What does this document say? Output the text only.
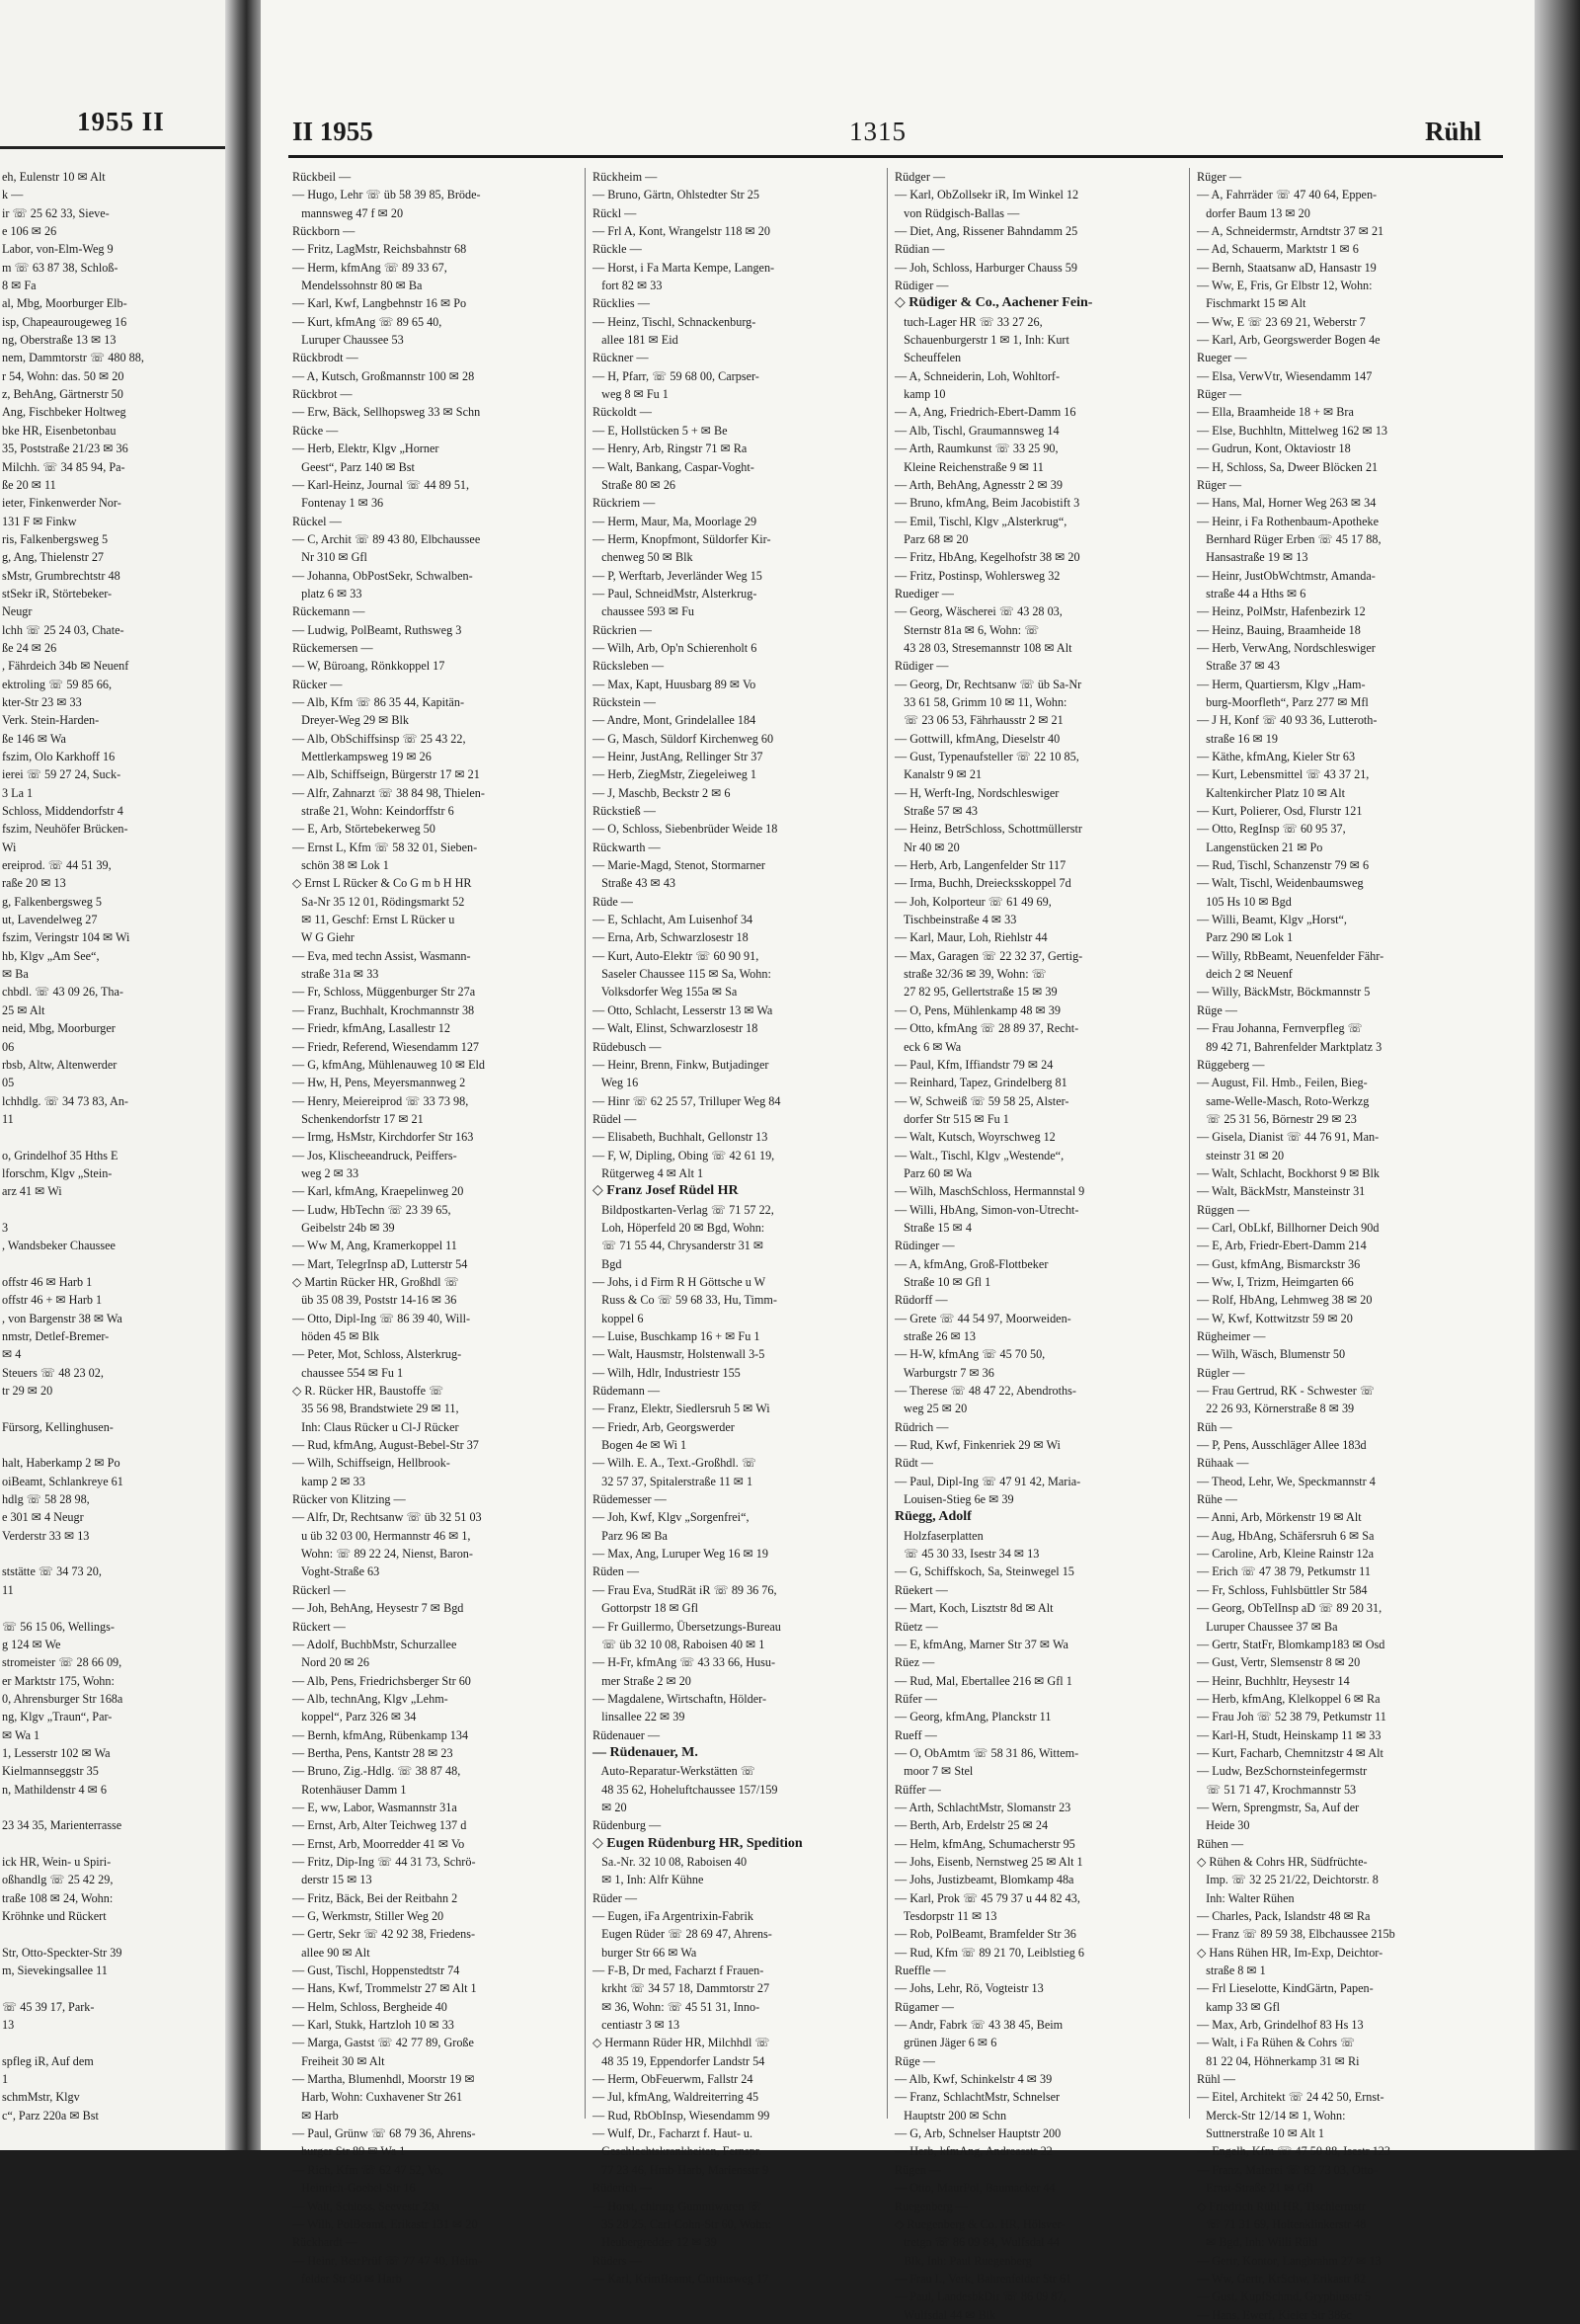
1955 II
eh, Eulenstr 10 ✉ Alt
k —
ir ☏ 25 62 33, Sieve-
e 106 ✉ 26
Labor, von-Elm-Weg 9
m ☏ 63 87 38, Schloß-
8 ✉ Fa
al, Mbg, Moorburger Elb-
isp, Chapeaurougeweg 16
ng, Oberstraße 13 ✉ 13
nem, Dammtorstr ☏ 480 88,
r 54, Wohn: das. 50 ✉ 20
z, BehAng, Gärtnerstr 50
Ang, Fischbeker Holtweg
bke HR, Eisenbetonbau
35, Poststraße 21/23 ✉ 36
Milchh. ☏ 34 85 94, Pa-
ße 20 ✉ 11
ieter, Finkenwerder Nor-
131 F ✉ Finkw
ris, Falkenbergsweg 5
g, Ang, Thielenstr 27
sMstr, Grumbrechtstr 48
stSekr iR, Störtebeker-
Neugr
lchh ☏ 25 24 03, Chate-
ße 24 ✉ 26
, Fährdeich 34b ✉ Neuenf
ektroling ☏ 59 85 66,
kter-Str 23 ✉ 33
Verk. Stein-Harden-
ße 146 ✉ Wa
fszim, Olo Karkhoff 16
ierei ☏ 59 27 24, Suck-
3 La 1
Schloss, Middendorfstr 4
fszim, Neuhöfer Brücken-
Wi
ereiprod. ☏ 44 51 39,
raße 20 ✉ 13
g, Falkenbergsweg 5
ut, Lavendelweg 27
fszim, Veringstr 104 ✉ Wi
hb, Klgv „Am See“,
✉ Ba
chbdl. ☏ 43 09 26, Tha-
25 ✉ Alt
neid, Mbg, Moorburger
06
rbsb, Altw, Altenwerder
05
lchhdlg. ☏ 34 73 83, An-
11
o, Grindelhof 35 Hths E
lforschm, Klgv „Stein-
arz 41 ✉ Wi
3
, Wandsbeker Chaussee
offstr 46 ✉ Harb 1
offstr 46 + ✉ Harb 1
, von Bargenstr 38 ✉ Wa
nmstr, Detlef-Bremer-
✉ 4
Steuers ☏ 48 23 02,
tr 29 ✉ 20
Fürsorg, Kellinghusen-
halt, Haberkamp 2 ✉ Po
oiBeamt, Schlankreye 61
hdlg ☏ 58 28 98,
e 301 ✉ 4 Neugr
Verderstr 33 ✉ 13
ststätte ☏ 34 73 20,
11
☏ 56 15 06, Wellings-
g 124 ✉ We
stromeister ☏ 28 66 09,
er Marktstr 175, Wohn:
0, Ahrensburger Str 168a
ng, Klgv „Traun“, Par-
✉ Wa 1
1, Lesserstr 102 ✉ Wa
Kielmannseggstr 35
n, Mathildenstr 4 ✉ 6
23 34 35, Marienterrasse
ick HR, Wein- u Spiri-
oßhandlg ☏ 25 42 29,
traße 108 ✉ 24, Wohn:
Kröhnke und Rückert
Str, Otto-Speckter-Str 39
m, Sievekingsallee 11
☏ 45 39 17, Park-
13
spfleg iR, Auf dem
1
schmMstr, Klgv
c“, Parz 220a ✉ Bst
II 1955	1315	Rühl
Rückbeil —
— Hugo, Lehr ☏ üb 58 39 85, Bröde-
mannsweg 47 f ✉ 20
Rückborn —
— Fritz, LagMstr, Reichsbahnstr 68
— Herm, kfmAng ☏ 89 33 67,
Mendelssohnstr 80 ✉ Ba
— Karl, Kwf, Langbehnstr 16 ✉ Po
— Kurt, kfmAng ☏ 89 65 40,
Luruper Chaussee 53
Rückbrodt —
— A, Kutsch, Großmannstr 100 ✉ 28
Rückbrot —
— Erw, Bäck, Sellhopsweg 33 ✉ Schn
Rücke —
— Herb, Elektr, Klgv „Horner
Geest“, Parz 140 ✉ Bst
— Karl-Heinz, Journal ☏ 44 89 51,
Fontenay 1 ✉ 36
Rückel —
— C, Archit ☏ 89 43 80, Elbchaussee
Nr 310 ✉ Gfl
— Johanna, ObPostSekr, Schwalben-
platz 6 ✉ 33
Rückemann —
— Ludwig, PolBeamt, Ruthsweg 3
Rückemersen —
— W, Büroang, Rönkkoppel 17
Rücker —
— Alb, Kfm ☏ 86 35 44, Kapitän-
Dreyer-Weg 29 ✉ Blk
— Alb, ObSchiffsinsp ☏ 25 43 22,
Mettlerkampsweg 19 ✉ 26
— Alb, Schiffseign, Bürgerstr 17 ✉ 21
— Alfr, Zahnarzt ☏ 38 84 98, Thielen-
straße 21, Wohn: Keindorffstr 6
— E, Arb, Störtebekerweg 50
— Ernst L, Kfm ☏ 58 32 01, Sieben-
schön 38 ✉ Lok 1
◇ Ernst L Rücker & Co G m b H HR
Sa-Nr 35 12 01, Rödingsmarkt 52
✉ 11, Geschf: Ernst L Rücker u
W G Giehr
— Eva, med techn Assist, Wasmann-
straße 31a ✉ 33
— Fr, Schloss, Müggenburger Str 27a
— Franz, Buchhalt, Krochmannstr 38
— Friedr, kfmAng, Lasallestr 12
— Friedr, Referend, Wiesendamm 127
— G, kfmAng, Mühlenauweg 10 ✉ Eld
— Hw, H, Pens, Meyersmannweg 2
— Henry, Meiereiprod ☏ 33 73 98,
Schenkendorfstr 17 ✉ 21
— Irmg, HsMstr, Kirchdorfer Str 163
— Jos, Klischeeandruck, Peiffers-
weg 2 ✉ 33
— Karl, kfmAng, Kraepelinweg 20
— Ludw, HbTechn ☏ 23 39 65,
Geibelstr 24b ✉ 39
— Ww M, Ang, Kramerkoppel 11
— Mart, TelegrInsp aD, Lutterstr 54
◇ Martin Rücker HR, Großhdl ☏
üb 35 08 39, Poststr 14-16 ✉ 36
— Otto, Dipl-Ing ☏ 86 39 40, Will-
höden 45 ✉ Blk
— Peter, Mot, Schloss, Alsterkrug-
chaussee 554 ✉ Fu 1
◇ R. Rücker HR, Baustoffe ☏
35 56 98, Brandstwiete 29 ✉ 11,
Inh: Claus Rücker u Cl-J Rücker
— Rud, kfmAng, August-Bebel-Str 37
— Wilh, Schiffseign, Hellbrook-
kamp 2 ✉ 33
Rücker von Klitzing —
— Alfr, Dr, Rechtsanw ☏ üb 32 51 03
u üb 32 03 00, Hermannstr 46 ✉ 1,
Wohn: ☏ 89 22 24, Nienst, Baron-
Voght-Straße 63
Rückerl —
— Joh, BehAng, Heysestr 7 ✉ Bgd
Rückert —
— Adolf, BuchbMstr, Schurzallee
Nord 20 ✉ 26
— Alb, Pens, Friedrichsberger Str 60
— Alb, technAng, Klgv „Lehm-
koppel“, Parz 326 ✉ 34
— Bernh, kfmAng, Rübenkamp 134
— Bertha, Pens, Kantstr 28 ✉ 23
— Bruno, Zig.-Hdlg. ☏ 38 87 48,
Rotenhäuser Damm 1
— E, ww, Labor, Wasmannstr 31a
— Ernst, Arb, Alter Teichweg 137 d
— Ernst, Arb, Moorredder 41 ✉ Vo
— Fritz, Dip-Ing ☏ 44 31 73, Schrö-
derstr 15 ✉ 13
— Fritz, Bäck, Bei der Reitbahn 2
— G, Werkmstr, Stiller Weg 20
— Gertr, Sekr ☏ 42 92 38, Friedens-
allee 90 ✉ Alt
— Gust, Tischl, Hoppenstedtstr 74
— Hans, Kwf, Trommelstr 27 ✉ Alt 1
— Helm, Schloss, Bergheide 40
— Karl, Stukk, Hartzloh 10 ✉ 33
— Marga, Gastst ☏ 42 77 89, Große
Freiheit 30 ✉ Alt
— Martha, Blumenhdl, Moorstr 19 ✉
Harb, Wohn: Cuxhavener Str 261
✉ Harb
— Paul, Grünw ☏ 68 79 36, Ahrens-
burger Str 89 ✉ Wa 1
— Rich, Kfm ☏ 62 47 52, Vo,
Heinrich-Goebel-Str 16
— Walt, Schloss, Seevestr 23a
— Wilh, PolBeamt, Erikastr 131 ✉ 20
Rückhardt —
— Heinr, BetrPrüf ☏ 77 47 40, Heim-
felder Str 90 ✉ Harb
Rückheim —
— Bruno, Gärtn, Ohlstedter Str 25
Rückl —
— Frl A, Kont, Wrangelstr 118 ✉ 20
Rückle —
— Horst, i Fa Marta Kempe, Langen-
fort 82 ✉ 33
Rücklies —
— Heinz, Tischl, Schnackenburg-
allee 181 ✉ Eid
Rückner —
— H, Pfarr, ☏ 59 68 00, Carpser-
weg 8 ✉ Fu 1
Rückoldt —
— E, Hollstücken 5 + ✉ Be
— Henry, Arb, Ringstr 71 ✉ Ra
— Walt, Bankang, Caspar-Voght-
Straße 80 ✉ 26
Rückriem —
— Herm, Maur, Ma, Moorlage 29
— Herm, Knopfmont, Süldorfer Kir-
chenweg 50 ✉ Blk
— P, Werftarb, Jeverländer Weg 15
— Paul, SchneidMstr, Alsterkrug-
chaussee 593 ✉ Fu
Rückrien —
— Wilh, Arb, Op'n Schierenholt 6
Rücksleben —
— Max, Kapt, Huusbarg 89 ✉ Vo
Rückstein —
— Andre, Mont, Grindelallee 184
— G, Masch, Süldorf Kirchenweg 60
— Heinr, JustAng, Rellinger Str 37
— Herb, ZiegMstr, Ziegeleiweg 1
— J, Maschb, Beckstr 2 ✉ 6
Rückstieß —
— O, Schloss, Siebenbrüder Weide 18
Rückwarth —
— Marie-Magd, Stenot, Stormarner
Straße 43 ✉ 43
Rüde —
— E, Schlacht, Am Luisenhof 34
— Erna, Arb, Schwarzlosestr 18
— Kurt, Auto-Elektr ☏ 60 90 91,
Saseler Chaussee 115 ✉ Sa, Wohn:
Volksdorfer Weg 155a ✉ Sa
— Otto, Schlacht, Lesserstr 13 ✉ Wa
— Walt, Elinst, Schwarzlosestr 18
Rüdebusch —
— Heinr, Brenn, Finkw, Butjadinger
Weg 16
— Hinr ☏ 62 25 57, Trilluper Weg 84
Rüdel —
— Elisabeth, Buchhalt, Gellonstr 13
— F, W, Dipling, Obing ☏ 42 61 19,
Rütgerweg 4 ✉ Alt 1
◇ Franz Josef Rüdel HR
Bildpostkarten-Verlag ☏ 71 57 22,
Loh, Höperfeld 20 ✉ Bgd, Wohn:
☏ 71 55 44, Chrysanderstr 31 ✉
Bgd
— Johs, i d Firm R H Göttsche u W
Russ & Co ☏ 59 68 33, Hu, Timm-
koppel 6
— Luise, Buschkamp 16 + ✉ Fu 1
— Walt, Hausmstr, Holstenwall 3-5
— Wilh, Hdlr, Industriestr 155
Rüdemann —
— Franz, Elektr, Siedlersruh 5 ✉ Wi
— Friedr, Arb, Georgswerder
Bogen 4e ✉ Wi 1
— Wilh. E. A., Text.-Großhdl. ☏
32 57 37, Spitalerstraße 11 ✉ 1
Rüdemesser —
— Joh, Kwf, Klgv „Sorgenfrei“,
Parz 96 ✉ Ba
— Max, Ang, Luruper Weg 16 ✉ 19
Rüden —
— Frau Eva, StudRät iR ☏ 89 36 76,
Gottorpstr 18 ✉ Gfl
— Fr Guillermo, Übersetzungs-Bureau
☏ üb 32 10 08, Raboisen 40 ✉ 1
— H-Fr, kfmAng ☏ 43 33 66, Husu-
mer Straße 2 ✉ 20
— Magdalene, Wirtschaftn, Hölder-
linsallee 22 ✉ 39
Rüdenauer —
— Rüdenauer, M.
Auto-Reparatur-Werkstätten ☏
48 35 62, Hoheluftchaussee 157/159
✉ 20
Rüdenburg —
◇ Eugen Rüdenburg HR, Spedition
Sa.-Nr. 32 10 08, Raboisen 40
✉ 1, Inh: Alfr Kühne
Rüder —
— Eugen, iFa Argentrixin-Fabrik
Eugen Rüder ☏ 28 69 47, Ahrens-
burger Str 66 ✉ Wa
— F-B, Dr med, Facharzt f Frauen-
krkht ☏ 34 57 18, Dammtorstr 27
✉ 36, Wohn: ☏ 45 51 31, Inno-
centiastr 3 ✉ 13
◇ Hermann Rüder HR, Milchhdl ☏
48 35 19, Eppendorfer Landstr 54
— Herm, ObFeuerwm, Fallstr 24
— Jul, kfmAng, Waldreiterring 45
— Rud, RbObInsp, Wiesendamm 99
— Wulf, Dr., Facharzt f. Haut- u.
Geschlechtskrankheiten, Fernspr.
77 23 46, Hmb-Harb, Mariensstr 9
Rüderich —
— Horst, chirurg Gummiwaren ☏
35 28 25, Carl-Cohn-Str 60, Wohn:
Heubergredder 12 ✉ 39
Rüders —
— Karl, KrimBeamt, Curtiusweg 17
Rüdger —
— Karl, ObZollsekr iR, Im Winkel 12
von Rüdgisch-Ballas —
— Diet, Ang, Rissener Bahndamm 25
Rüdian —
— Joh, Schloss, Harburger Chauss 59
Rüdiger —
◇ Rüdiger & Co., Aachener Fein-
tuch-Lager HR ☏ 33 27 26,
Schauenburgerstr 1 ✉ 1, Inh: Kurt
Scheuffelen
— A, Schneiderin, Loh, Wohltorf-
kamp 10
— A, Ang, Friedrich-Ebert-Damm 16
— Alb, Tischl, Graumannsweg 14
— Arth, Raumkunst ☏ 33 25 90,
Kleine Reichenstraße 9 ✉ 11
— Arth, BehAng, Agnesstr 2 ✉ 39
— Bruno, kfmAng, Beim Jacobistift 3
— Emil, Tischl, Klgv „Alsterkrug“,
Parz 68 ✉ 20
— Fritz, HbAng, Kegelhofstr 38 ✉ 20
— Fritz, Postinsp, Wohlersweg 32
Ruediger —
— Georg, Wäscherei ☏ 43 28 03,
Sternstr 81a ✉ 6, Wohn: ☏
43 28 03, Stresemannstr 108 ✉ Alt
Rüdiger —
— Georg, Dr, Rechtsanw ☏ üb Sa-Nr
33 61 58, Grimm 10 ✉ 11, Wohn:
☏ 23 06 53, Fährhausstr 2 ✉ 21
— Gottwill, kfmAng, Dieselstr 40
— Gust, Typenaufsteller ☏ 22 10 85,
Kanalstr 9 ✉ 21
— H, Werft-Ing, Nordschleswiger
Straße 57 ✉ 43
— Heinz, BetrSchloss, Schottmüllerstr
Nr 40 ✉ 20
— Herb, Arb, Langenfelder Str 117
— Irma, Buchh, Dreiecksskoppel 7d
— Joh, Kolporteur ☏ 61 49 69,
Tischbeinstraße 4 ✉ 33
— Karl, Maur, Loh, Riehlstr 44
— Max, Garagen ☏ 22 32 37, Gertig-
straße 32/36 ✉ 39, Wohn: ☏
27 82 95, Gellertstraße 15 ✉ 39
— O, Pens, Mühlenkamp 48 ✉ 39
— Otto, kfmAng ☏ 28 89 37, Recht-
eck 6 ✉ Wa
— Paul, Kfm, Iffiandstr 79 ✉ 24
— Reinhard, Tapez, Grindelberg 81
— W, Schweiß ☏ 59 58 25, Alster-
dorfer Str 515 ✉ Fu 1
— Walt, Kutsch, Woyrschweg 12
— Walt., Tischl, Klgv „Westende“,
Parz 60 ✉ Wa
— Wilh, MaschSchloss, Hermannstal 9
— Willi, HbAng, Simon-von-Utrecht-
Straße 15 ✉ 4
Rüdinger —
— A, kfmAng, Groß-Flottbeker
Straße 10 ✉ Gfl 1
Rüdorff —
— Grete ☏ 44 54 97, Moorweiden-
straße 26 ✉ 13
— H-W, kfmAng ☏ 45 70 50,
Warburgstr 7 ✉ 36
— Therese ☏ 48 47 22, Abendroths-
weg 25 ✉ 20
Rüdrich —
— Rud, Kwf, Finkenriek 29 ✉ Wi
Rüdt —
— Paul, Dipl-Ing ☏ 47 91 42, Maria-
Louisen-Stieg 6e ✉ 39
Rüegg, Adolf
Holzfaserplatten
☏ 45 30 33, Isestr 34 ✉ 13
— G, Schiffskoch, Sa, Steinwegel 15
Rüekert —
— Mart, Koch, Lisztstr 8d ✉ Alt
Rüetz —
— E, kfmAng, Marner Str 37 ✉ Wa
Rüez —
— Rud, Mal, Ebertallee 216 ✉ Gfl 1
Rüfer —
— Georg, kfmAng, Planckstr 11
Rueff —
— O, ObAmtm ☏ 58 31 86, Wittem-
moor 7 ✉ Stel
Rüffer —
— Arth, SchlachtMstr, Slomanstr 23
— Berth, Arb, Erdelstr 25 ✉ 24
— Helm, kfmAng, Schumacherstr 95
— Johs, Eisenb, Nernstweg 25 ✉ Alt 1
— Johs, Justizbeamt, Blomkamp 48a
— Karl, Prok ☏ 45 79 37 u 44 82 43,
Tesdorpstr 11 ✉ 13
— Rob, PolBeamt, Bramfelder Str 36
— Rud, Kfm ☏ 89 21 70, Leiblstieg 6
Rueffle —
— Johs, Lehr, Rö, Vogteistr 13
Rügamer —
— Andr, Fabrk ☏ 43 38 45, Beim
grünen Jäger 6 ✉ 6
Rüge —
— Alb, Kwf, Schinkelstr 4 ✉ 39
— Franz, SchlachtMstr, Schnelser
Hauptstr 200 ✉ Schn
— G, Arb, Schnelser Hauptstr 200
— Herb, kfmAng, Andreasstr 22
Rügen —
— Otto, MaurPol, Baumacker 44
Ruegenberg —
◇ Ruegenberg & Co. HR, Hölsver-
tretgn ☏ 86 09 84, Wulfsdal 44
Blk, Inh: Paul Ruegenberg
— Frau L, Verk, Bahrenfelder Str 61
— Paul, LandesbkDir ☏ 86 09 87,
Wulfsdal 44 ✉ Blk
Rüger —
— A, Fahrräder ☏ 47 40 64, Eppen-
dorfer Baum 13 ✉ 20
— A, Schneidermstr, Arndtstr 37 ✉ 21
— Ad, Schauerm, Marktstr 1 ✉ 6
— Bernh, Staatsanw aD, Hansastr 19
— Ww, E, Fris, Gr Elbstr 12, Wohn:
Fischmarkt 15 ✉ Alt
— Ww, E ☏ 23 69 21, Weberstr 7
— Karl, Arb, Georgswerder Bogen 4e
Rueger —
— Elsa, VerwVtr, Wiesendamm 147
Rüger —
— Ella, Braamheide 18 + ✉ Bra
— Else, Buchhltn, Mittelweg 162 ✉ 13
— Gudrun, Kont, Oktaviostr 18
— H, Schloss, Sa, Dweer Blöcken 21
Rüger —
— Hans, Mal, Horner Weg 263 ✉ 34
— Heinr, i Fa Rothenbaum-Apotheke
Bernhard Rüger Erben ☏ 45 17 88,
Hansastraße 19 ✉ 13
— Heinr, JustObWchtmstr, Amanda-
straße 44 a Hths ✉ 6
— Heinz, PolMstr, Hafenbezirk 12
— Heinz, Bauing, Braamheide 18
— Herb, VerwAng, Nordschleswiger
Straße 37 ✉ 43
— Herm, Quartiersm, Klgv „Ham-
burg-Moorfleth“, Parz 277 ✉ Mfl
— J H, Konf ☏ 40 93 36, Lutteroth-
straße 16 ✉ 19
— Käthe, kfmAng, Kieler Str 63
— Kurt, Lebensmittel ☏ 43 37 21,
Kaltenkircher Platz 10 ✉ Alt
— Kurt, Polierer, Osd, Flurstr 121
— Otto, RegInsp ☏ 60 95 37,
Langenstücken 21 ✉ Po
— Rud, Tischl, Schanzenstr 79 ✉ 6
— Walt, Tischl, Weidenbaumsweg
105 Hs 10 ✉ Bgd
— Willi, Beamt, Klgv „Horst“,
Parz 290 ✉ Lok 1
— Willy, RbBeamt, Neuenfelder Fähr-
deich 2 ✉ Neuenf
— Willy, BäckMstr, Böckmannstr 5
Rüge —
— Frau Johanna, Fernverpfleg ☏
89 42 71, Bahrenfelder Marktplatz 3
Rüggeberg —
— August, Fil. Hmb., Feilen, Bieg-
same-Welle-Masch, Roto-Werkzg
☏ 25 31 56, Börnestr 29 ✉ 23
— Gisela, Dianist ☏ 44 76 91, Man-
steinstr 31 ✉ 20
— Walt, Schlacht, Bockhorst 9 ✉ Blk
— Walt, BäckMstr, Mansteinstr 31
Rüggen —
— Carl, ObLkf, Billhorner Deich 90d
— E, Arb, Friedr-Ebert-Damm 214
— Gust, kfmAng, Bismarckstr 36
— Ww, I, Trizm, Heimgarten 66
— Rolf, HbAng, Lehmweg 38 ✉ 20
— W, Kwf, Kottwitzstr 59 ✉ 20
Rügheimer —
— Wilh, Wäsch, Blumenstr 50
Rügler —
— Frau Gertrud, RK - Schwester ☏
22 26 93, Körnerstraße 8 ✉ 39
Rüh —
— P, Pens, Ausschläger Allee 183d
Rühaak —
— Theod, Lehr, We, Speckmannstr 4
Rühe —
— Anni, Arb, Mörkenstr 19 ✉ Alt
— Aug, HbAng, Schäfersruh 6 ✉ Sa
— Caroline, Arb, Kleine Rainstr 12a
— Erich ☏ 47 38 79, Petkumstr 11
— Fr, Schloss, Fuhlsbüttler Str 584
— Georg, ObTelInsp aD ☏ 89 20 31,
Luruper Chaussee 37 ✉ Ba
— Gertr, StatFr, Blomkamp183 ✉ Osd
— Gust, Vertr, Slemsenstr 8 ✉ 20
— Heinr, Buchhltr, Heysestr 14
— Herb, kfmAng, Klelkoppel 6 ✉ Ra
— Frau Joh ☏ 52 38 79, Petkumstr 11
— Karl-H, Studt, Heinskamp 11 ✉ 33
— Kurt, Facharb, Chemnitzstr 4 ✉ Alt
— Ludw, BezSchornsteinfegermstr
☏ 51 71 47, Krochmannstr 53
— Wern, Sprengmstr, Sa, Auf der
Heide 30
Rühen —
◇ Rühen & Cohrs HR, Südfrüchte-
Imp. ☏ 32 25 21/22, Deichtorstr. 8
Inh: Walter Rühen
— Charles, Pack, Islandstr 48 ✉ Ra
— Franz ☏ 89 59 38, Elbchaussee 215b
◇ Hans Rühen HR, Im-Exp, Deichtor-
straße 8 ✉ 1
— Frl Lieselotte, KindGärtn, Papen-
kamp 33 ✉ Gfl
— Max, Arb, Grindelhof 83 Hs 13
— Walt, i Fa Rühen & Cohrs ☏
81 22 04, Höhnerkamp 31 ✉ Ri
Rühl —
— Eitel, Architekt ☏ 24 42 50, Ernst-
Merck-Str 12/14 ✉ 1, Wohn:
Suttnerstraße 10 ✉ Alt 1
— Engelh, Kfm ☏ 47 50 88, Isestr 123
— Franz, Malerei ☏ 82 73 03, Otto-
Ernst-Straße 21 ✉ Gfl
◇ Friedrich Rühl HR, Tischlermstr
☏ 71 31 69, Holtenklinkerstr 48
✉ Bgd, Inh: Willi Rühl
— Gertr, Kontor, Langbrahm 27 ✉ 13
— Ww, Gertr, KrSchw, Erikastr 82
— Gust, KupfSchmd, Gryphiusstr 5
— Hans, Ewerf, Kieler Str 386c
